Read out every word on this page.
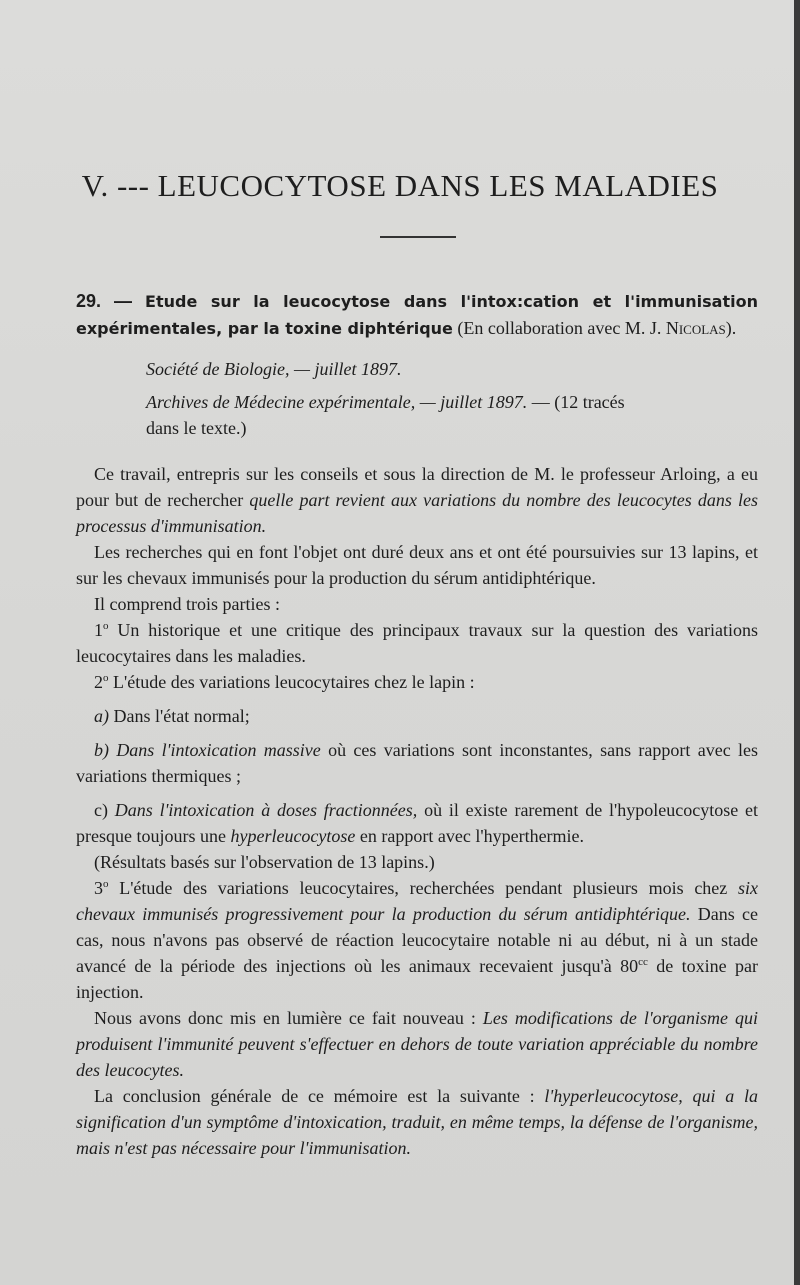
V. --- LEUCOCYTOSE DANS LES MALADIES
29. — Etude sur la leucocytose dans l'intox:cation et l'immunisation expérimentales, par la toxine diphtérique (En collaboration avec M. J. Nicolas).
Société de Biologie, — juillet 1897.
Archives de Médecine expérimentale, — juillet 1897. — (12 tracés
dans le texte.)

Ce travail, entrepris sur les conseils et sous la direction de M. le professeur Arloing, a eu pour but de rechercher quelle part revient aux variations du nombre des leucocytes dans les processus d'immunisation.

Les recherches qui en font l'objet ont duré deux ans et ont été poursuivies sur 13 lapins, et sur les chevaux immunisés pour la production du sérum antidiphtérique.

Il comprend trois parties :

1$^o$ Un historique et une critique des principaux travaux sur la question des variations leucocytaires dans les maladies.

2$^o$ L'étude des variations leucocytaires chez le lapin :

a) Dans l'état normal;

b) Dans l'intoxication massive où ces variations sont inconstantes, sans rapport avec les variations thermiques ;

c) Dans l'intoxication à doses fractionnées, où il existe rarement de l'hypoleucocytose et presque toujours une hyperleucocytose en rapport avec l'hyperthermie.

(Résultats basés sur l'observation de 13 lapins.)

3$^o$ L'étude des variations leucocytaires, recherchées pendant plusieurs mois chez six chevaux immunisés progressivement pour la production du sérum antidiphtérique. Dans ce cas, nous n'avons pas observé de réaction leucocytaire notable ni au début, ni à un stade avancé de la période des injections où les animaux recevaient jusqu'à $80^{cc}$ de toxine par injection.

Nous avons donc mis en lumière ce fait nouveau : Les modifications de l'organisme qui produisent l'immunité peuvent s'effectuer en dehors de toute variation appréciable du nombre des leucocytes.

La conclusion générale de ce mémoire est la suivante : l'hyperleucocytose, qui a la signification d'un symptôme d'intoxication, traduit, en même temps, la défense de l'organisme, mais n'est pas nécessaire pour l'immunisation.
